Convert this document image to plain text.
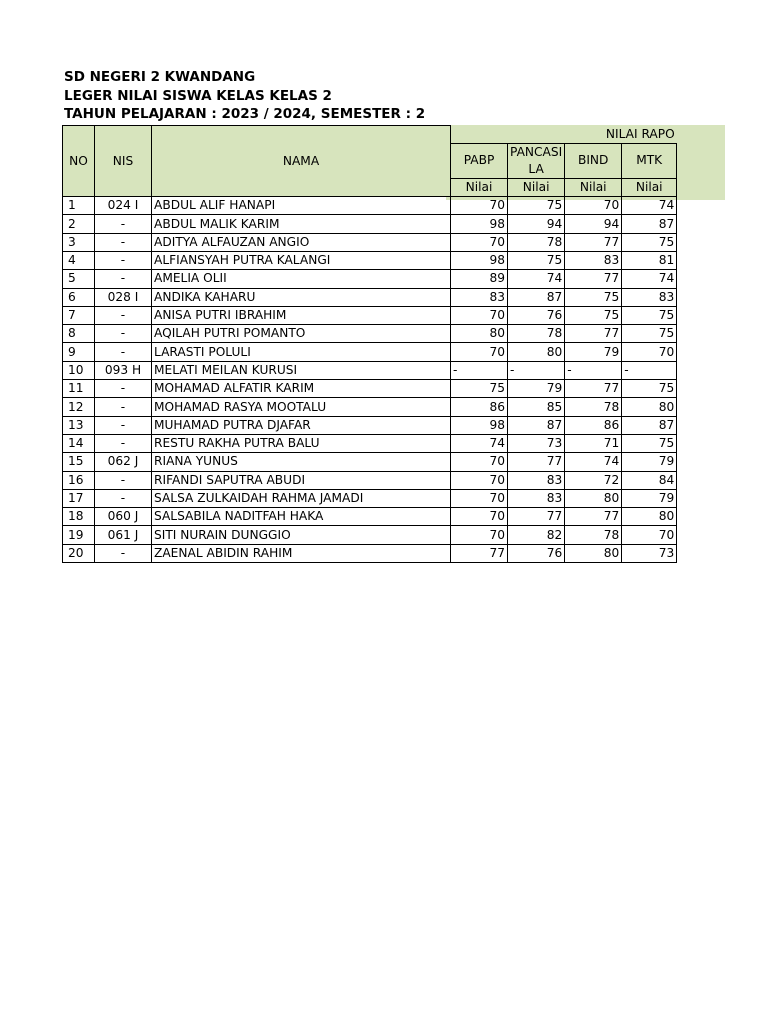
SD NEGERI 2 KWANDANG
LEGER NILAI SISWA KELAS KELAS 2
TAHUN PELAJARAN : 2023 / 2024, SEMESTER : 2
NO	NIS	NAMA	NILAI RAPO			
			PABP	PANCASI LA	BIND	MTK
			Nilai	Nilai	Nilai	Nilai
1	024 I	ABDUL ALIF HANAPI	70	75	70	74
2	-	ABDUL MALIK KARIM	98	94	94	87
3	-	ADITYA ALFAUZAN ANGIO	70	78	77	75
4	-	ALFIANSYAH PUTRA KALANGI	98	75	83	81
5	-	AMELIA OLII	89	74	77	74
6	028 I	ANDIKA KAHARU	83	87	75	83
7	-	ANISA PUTRI IBRAHIM	70	76	75	75
8	-	AQILAH PUTRI POMANTO	80	78	77	75
9	-	LARASTI POLULI	70	80	79	70
10	093 H	MELATI MEILAN KURUSI	-	-	-	-
11	-	MOHAMAD ALFATIR KARIM	75	79	77	75
12	-	MOHAMAD RASYA MOOTALU	86	85	78	80
13	-	MUHAMAD PUTRA DJAFAR	98	87	86	87
14	-	RESTU RAKHA PUTRA BALU	74	73	71	75
15	062 J	RIANA YUNUS	70	77	74	79
16	-	RIFANDI SAPUTRA ABUDI	70	83	72	84
17	-	SALSA ZULKAIDAH RAHMA JAMADI	70	83	80	79
18	060 J	SALSABILA NADITFAH HAKA	70	77	77	80
19	061 J	SITI NURAIN DUNGGIO	70	82	78	70
20	-	ZAENAL ABIDIN RAHIM	77	76	80	73
